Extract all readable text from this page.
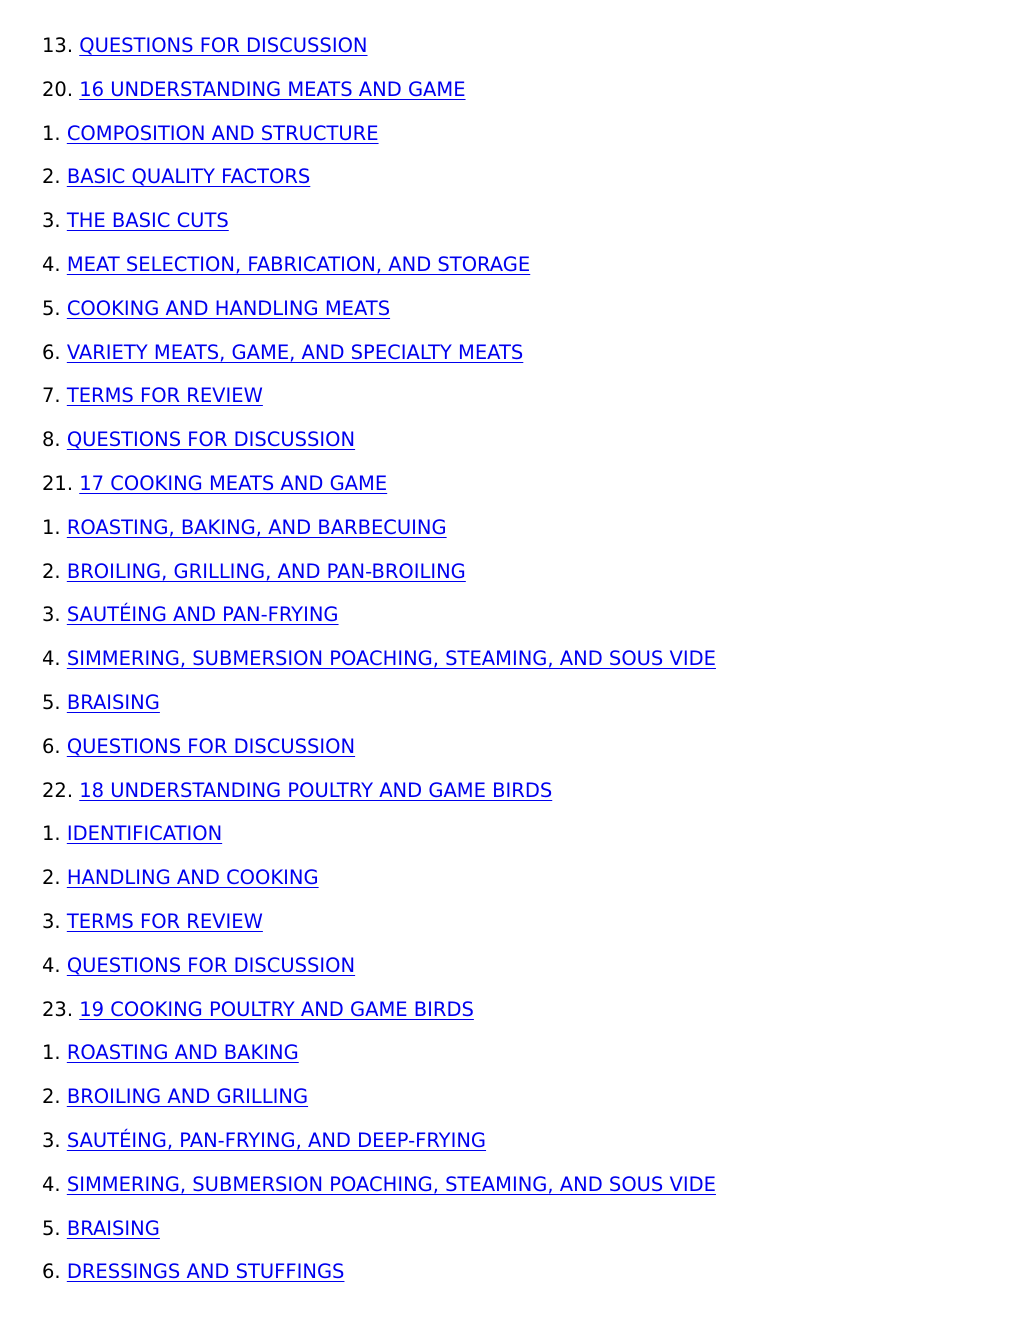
13. QUESTIONS FOR DISCUSSION
20. 16 UNDERSTANDING MEATS AND GAME
1. COMPOSITION AND STRUCTURE
2. BASIC QUALITY FACTORS
3. THE BASIC CUTS
4. MEAT SELECTION, FABRICATION, AND STORAGE
5. COOKING AND HANDLING MEATS
6. VARIETY MEATS, GAME, AND SPECIALTY MEATS
7. TERMS FOR REVIEW
8. QUESTIONS FOR DISCUSSION
21. 17 COOKING MEATS AND GAME
1. ROASTING, BAKING, AND BARBECUING
2. BROILING, GRILLING, AND PAN-BROILING
3. SAUTÉING AND PAN-FRYING
4. SIMMERING, SUBMERSION POACHING, STEAMING, AND SOUS VIDE
5. BRAISING
6. QUESTIONS FOR DISCUSSION
22. 18 UNDERSTANDING POULTRY AND GAME BIRDS
1. IDENTIFICATION
2. HANDLING AND COOKING
3. TERMS FOR REVIEW
4. QUESTIONS FOR DISCUSSION
23. 19 COOKING POULTRY AND GAME BIRDS
1. ROASTING AND BAKING
2. BROILING AND GRILLING
3. SAUTÉING, PAN-FRYING, AND DEEP-FRYING
4. SIMMERING, SUBMERSION POACHING, STEAMING, AND SOUS VIDE
5. BRAISING
6. DRESSINGS AND STUFFINGS
